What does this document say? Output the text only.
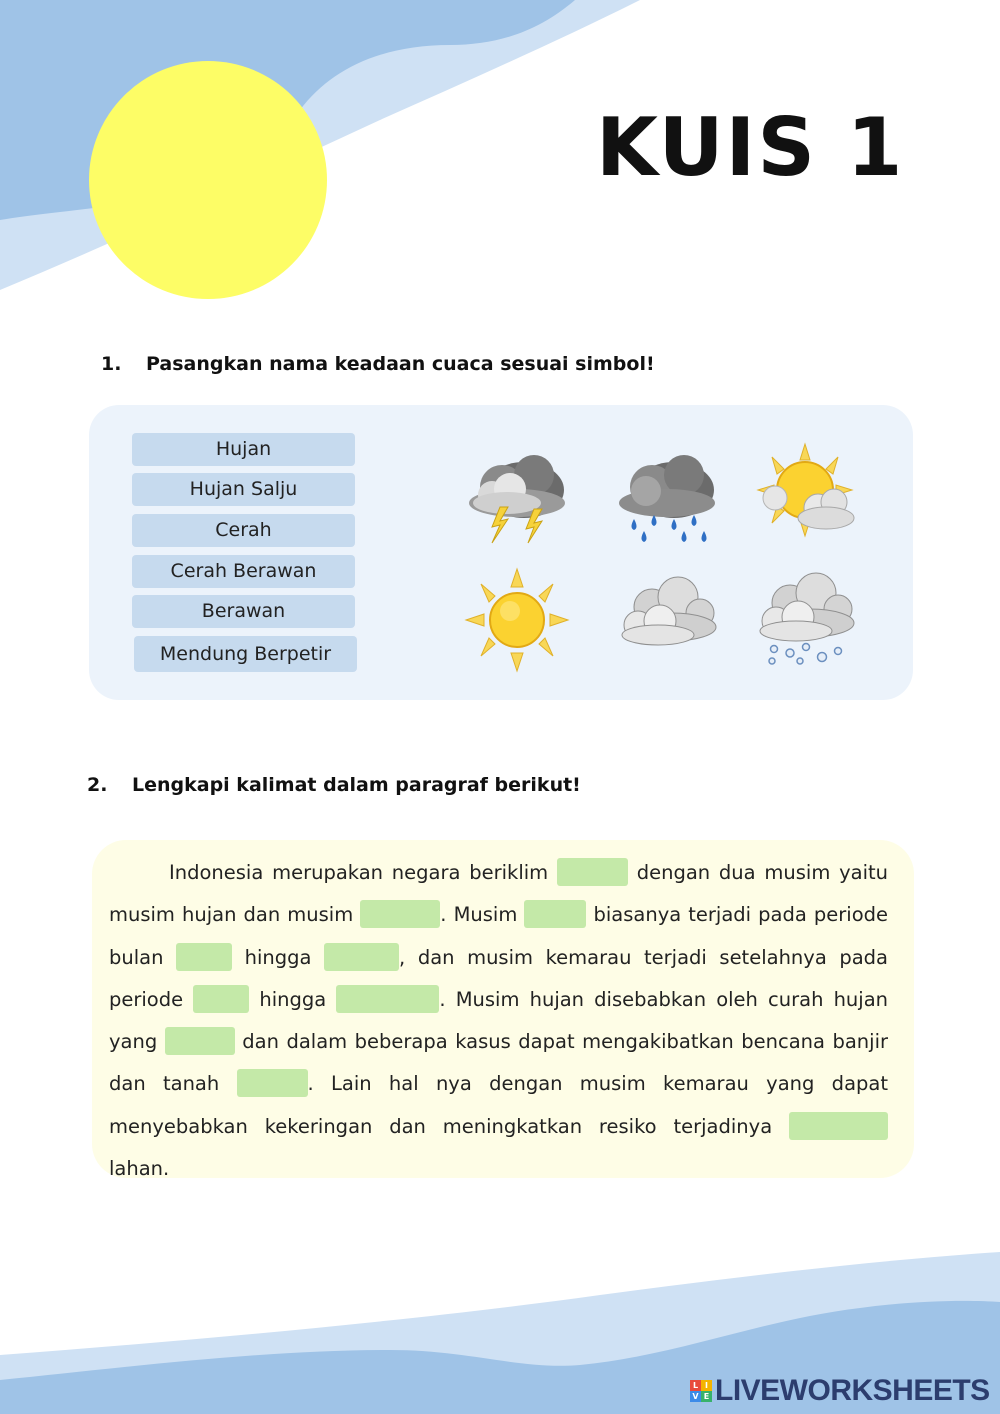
KUIS 1
1. Pasangkan nama keadaan cuaca sesuai simbol!
Hujan
Hujan Salju
Cerah
Cerah Berawan
Berawan
Mendung Berpetir
2. Lengkapi kalimat dalam paragraf berikut!
Indonesia merupakan negara beriklim	dengan dua musim yaitu musim hujan dan musim	. Musim	biasanya terjadi pada periode bulan	hingga	, dan musim kemarau terjadi setelahnya pada periode	hingga	. Musim hujan disebabkan oleh curah hujan yang	dan dalam beberapa kasus dapat mengakibatkan bencana banjir dan tanah	. Lain hal nya dengan musim kemarau yang dapat menyebabkan kekeringan dan meningkatkan resiko terjadinya  lahan.
L I
V E LIVEWORKSHEETS
